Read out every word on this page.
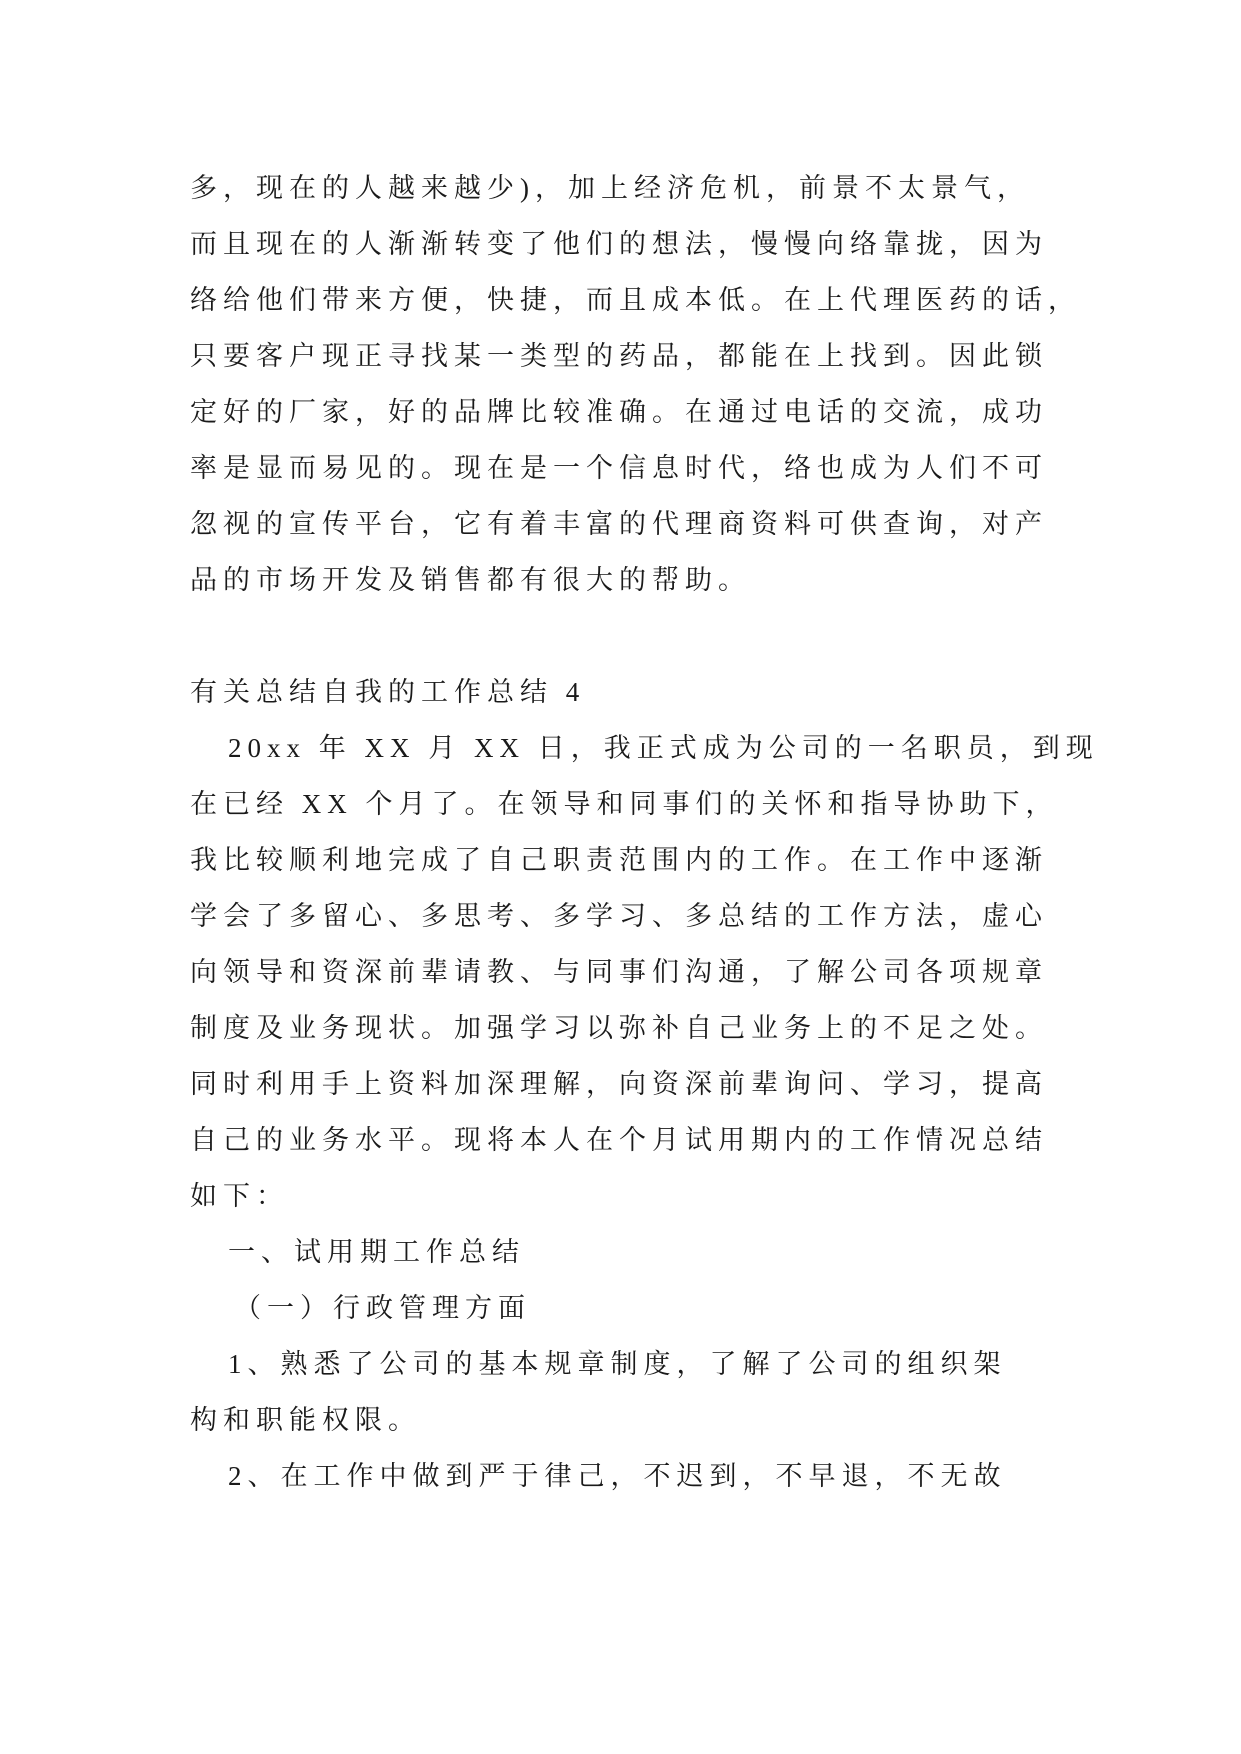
多，现在的人越来越少)，加上经济危机，前景不太景气，
而且现在的人渐渐转变了他们的想法，慢慢向络靠拢，因为
络给他们带来方便，快捷，而且成本低。在上代理医药的话，
只要客户现正寻找某一类型的药品，都能在上找到。因此锁
定好的厂家，好的品牌比较准确。在通过电话的交流，成功
率是显而易见的。现在是一个信息时代，络也成为人们不可
忽视的宣传平台，它有着丰富的代理商资料可供查询，对产
品的市场开发及销售都有很大的帮助。
有关总结自我的工作总结 4
20xx 年 XX 月 XX 日，我正式成为公司的一名职员，到现
在已经 XX 个月了。在领导和同事们的关怀和指导协助下，
我比较顺利地完成了自己职责范围内的工作。在工作中逐渐
学会了多留心、多思考、多学习、多总结的工作方法，虚心
向领导和资深前辈请教、与同事们沟通，了解公司各项规章
制度及业务现状。加强学习以弥补自己业务上的不足之处。
同时利用手上资料加深理解，向资深前辈询问、学习，提高
自己的业务水平。现将本人在个月试用期内的工作情况总结
如下：
一、试用期工作总结
（一）行政管理方面
1、熟悉了公司的基本规章制度，了解了公司的组织架
构和职能权限。
2、在工作中做到严于律己，不迟到，不早退，不无故
